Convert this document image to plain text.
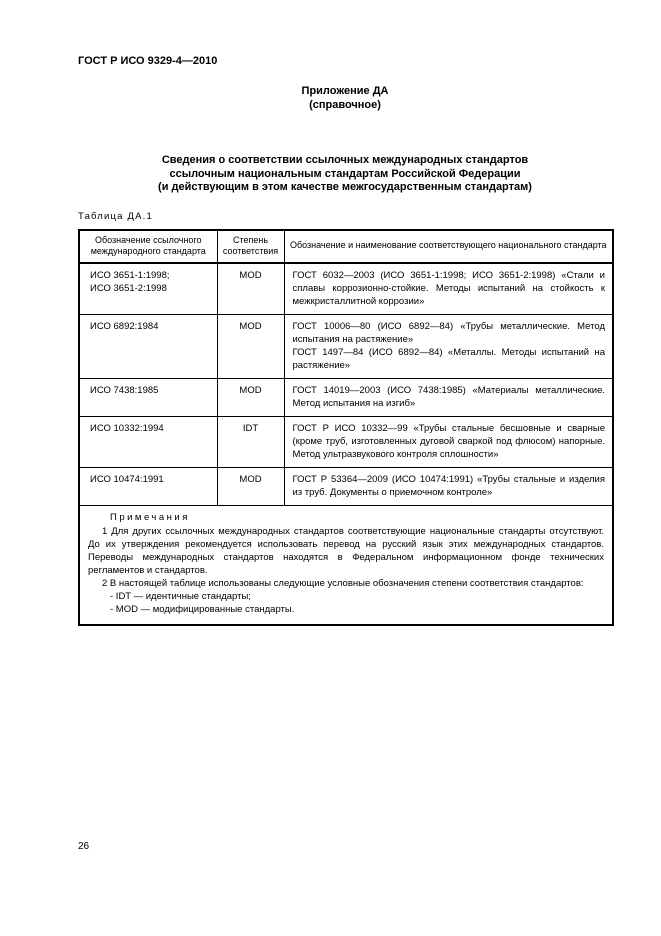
ГОСТ Р ИСО 9329-4—2010
Приложение ДА
(справочное)
Сведения о соответствии ссылочных международных стандартов
ссылочным национальным стандартам Российской Федерации
(и действующим в этом качестве межгосударственным стандартам)
Таблица ДА.1
Обозначение ссылочного международного стандарта	Степень соответствия	Обозначение и наименование соответствующего национального стандарта

ИСО 3651-1:1998;
ИСО 3651-2:1998	MOD	ГОСТ 6032—2003 (ИСО 3651-1:1998; ИСО 3651-2:1998) «Стали и сплавы коррозионно-стойкие. Методы испытаний на стойкость к межкристаллитной коррозии»

ИСО 6892:1984	MOD	ГОСТ 10006—80 (ИСО 6892—84) «Трубы металлические. Метод испытания на растяжение»
ГОСТ 1497—84 (ИСО 6892—84) «Металлы. Методы испытаний на растяжение»

ИСО 7438:1985	MOD	ГОСТ 14019—2003 (ИСО 7438:1985) «Материалы металлические. Метод испытания на изгиб»

ИСО 10332:1994	IDT	ГОСТ Р ИСО 10332—99 «Трубы стальные бесшовные и сварные (кроме труб, изготовленных дуговой сваркой под флюсом) напорные. Метод ультразвукового контроля сплошности»

ИСО 10474:1991	MOD	ГОСТ Р 53364—2009 (ИСО 10474:1991) «Трубы стальные и изделия из труб. Документы о приемочном контроле»

Примечания
1 Для других ссылочных международных стандартов соответствующие национальные стандарты отсутствуют. До их утверждения рекомендуется использовать перевод на русский язык этих международных стандартов. Переводы международных стандартов находятся в Федеральном информационном фонде технических регламентов и стандартов.
2 В настоящей таблице использованы следующие условные обозначения степени соответствия стандартов:
- IDT — идентичные стандарты;
- MOD — модифицированные стандарты.		
26
